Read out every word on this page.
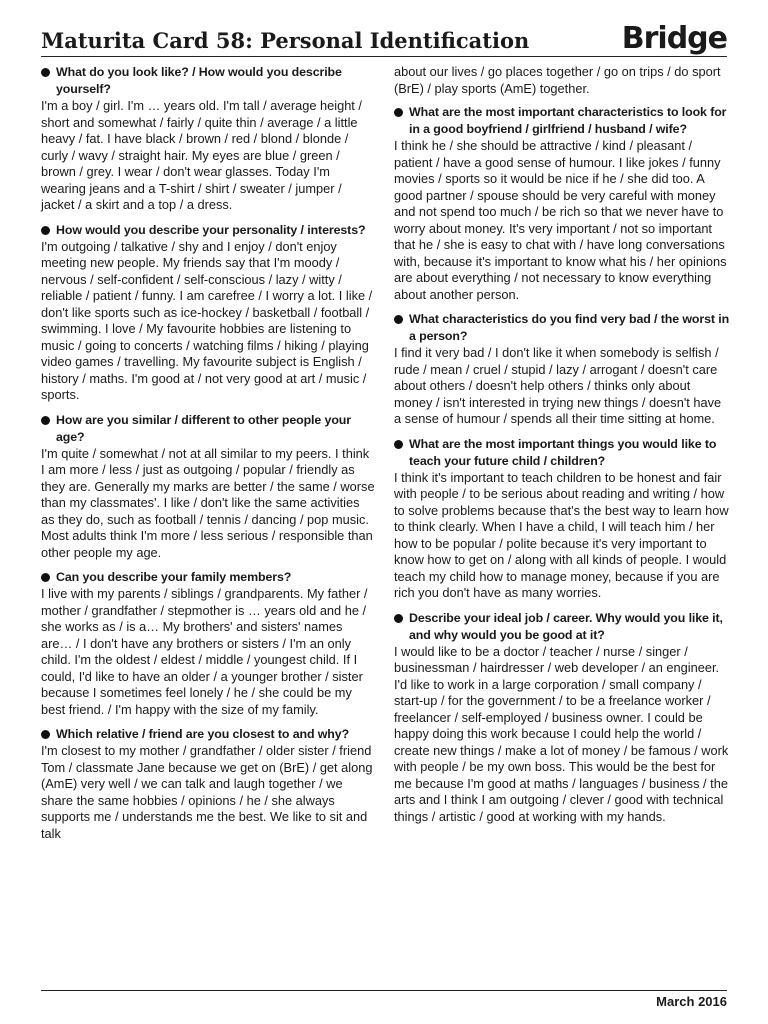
Maturita Card 58: Personal Identification	Bridge
What do you look like? / How would you describe yourself?

I'm a boy / girl. I'm … years old. I'm tall / average height / short and somewhat / fairly / quite thin / average / a little heavy / fat. I have black / brown / red / blond / blonde / curly / wavy / straight hair. My eyes are blue / green / brown / grey. I wear / don't wear glasses. Today I'm wearing jeans and a T-shirt / shirt / sweater / jumper / jacket / a skirt and a top / a dress.

How would you describe your personality / interests?

I'm outgoing / talkative / shy and I enjoy / don't enjoy meeting new people. My friends say that I'm moody / nervous / self-confident / self-conscious / lazy / witty / reliable / patient / funny. I am carefree / I worry a lot. I like / don't like sports such as ice-hockey / basketball / football / swimming. I love / My favourite hobbies are listening to music / going to concerts / watching films / hiking / playing video games / travelling. My favourite subject is English / history / maths. I'm good at / not very good at art / music / sports.

How are you similar / different to other people your age?

I'm quite / somewhat / not at all similar to my peers. I think I am more / less / just as outgoing / popular / friendly as they are. Generally my marks are better / the same / worse than my classmates'. I like / don't like the same activities as they do, such as football / tennis / dancing / pop music. Most adults think I'm more / less serious / responsible than other people my age.

Can you describe your family members?

I live with my parents / siblings / grandparents. My father / mother / grandfather / stepmother is … years old and he / she works as / is a… My brothers' and sisters' names are… / I don't have any brothers or sisters / I'm an only child. I'm the oldest / eldest / middle / youngest child. If I could, I'd like to have an older / a younger brother / sister because I sometimes feel lonely / he / she could be my best friend. / I'm happy with the size of my family.

Which relative / friend are you closest to and why?

I'm closest to my mother / grandfather / older sister / friend Tom / classmate Jane because we get on (BrE) / get along (AmE) very well / we can talk and laugh together / we share the same hobbies / opinions / he / she always supports me / understands me the best. We like to sit and talk

about our lives / go places together / go on trips / do sport (BrE) / play sports (AmE) together.

What are the most important characteristics to look for in a good boyfriend / girlfriend / husband / wife?

I think he / she should be attractive / kind / pleasant / patient / have a good sense of humour. I like jokes / funny movies / sports so it would be nice if he / she did too. A good partner / spouse should be very careful with money and not spend too much / be rich so that we never have to worry about money. It's very important / not so important that he / she is easy to chat with / have long conversations with, because it's important to know what his / her opinions are about everything / not necessary to know everything about another person.

What characteristics do you find very bad / the worst in a person?

I find it very bad / I don't like it when somebody is selfish / rude / mean / cruel / stupid / lazy / arrogant / doesn't care about others / doesn't help others / thinks only about money / isn't interested in trying new things / doesn't have a sense of humour / spends all their time sitting at home.

What are the most important things you would like to teach your future child / children?

I think it's important to teach children to be honest and fair with people / to be serious about reading and writing / how to solve problems because that's the best way to learn how to think clearly. When I have a child, I will teach him / her how to be popular / polite because it's very important to know how to get on / along with all kinds of people. I would teach my child how to manage money, because if you are rich you don't have as many worries.

Describe your ideal job / career. Why would you like it, and why would you be good at it?

I would like to be a doctor / teacher / nurse / singer / businessman / hairdresser / web developer / an engineer. I'd like to work in a large corporation / small company / start-up / for the government / to be a freelance worker / freelancer / self-employed / business owner. I could be happy doing this work because I could help the world / create new things / make a lot of money / be famous / work with people / be my own boss. This would be the best for me because I'm good at maths / languages / business / the arts and I think I am outgoing / clever / good with technical things / artistic / good at working with my hands.

March 2016
